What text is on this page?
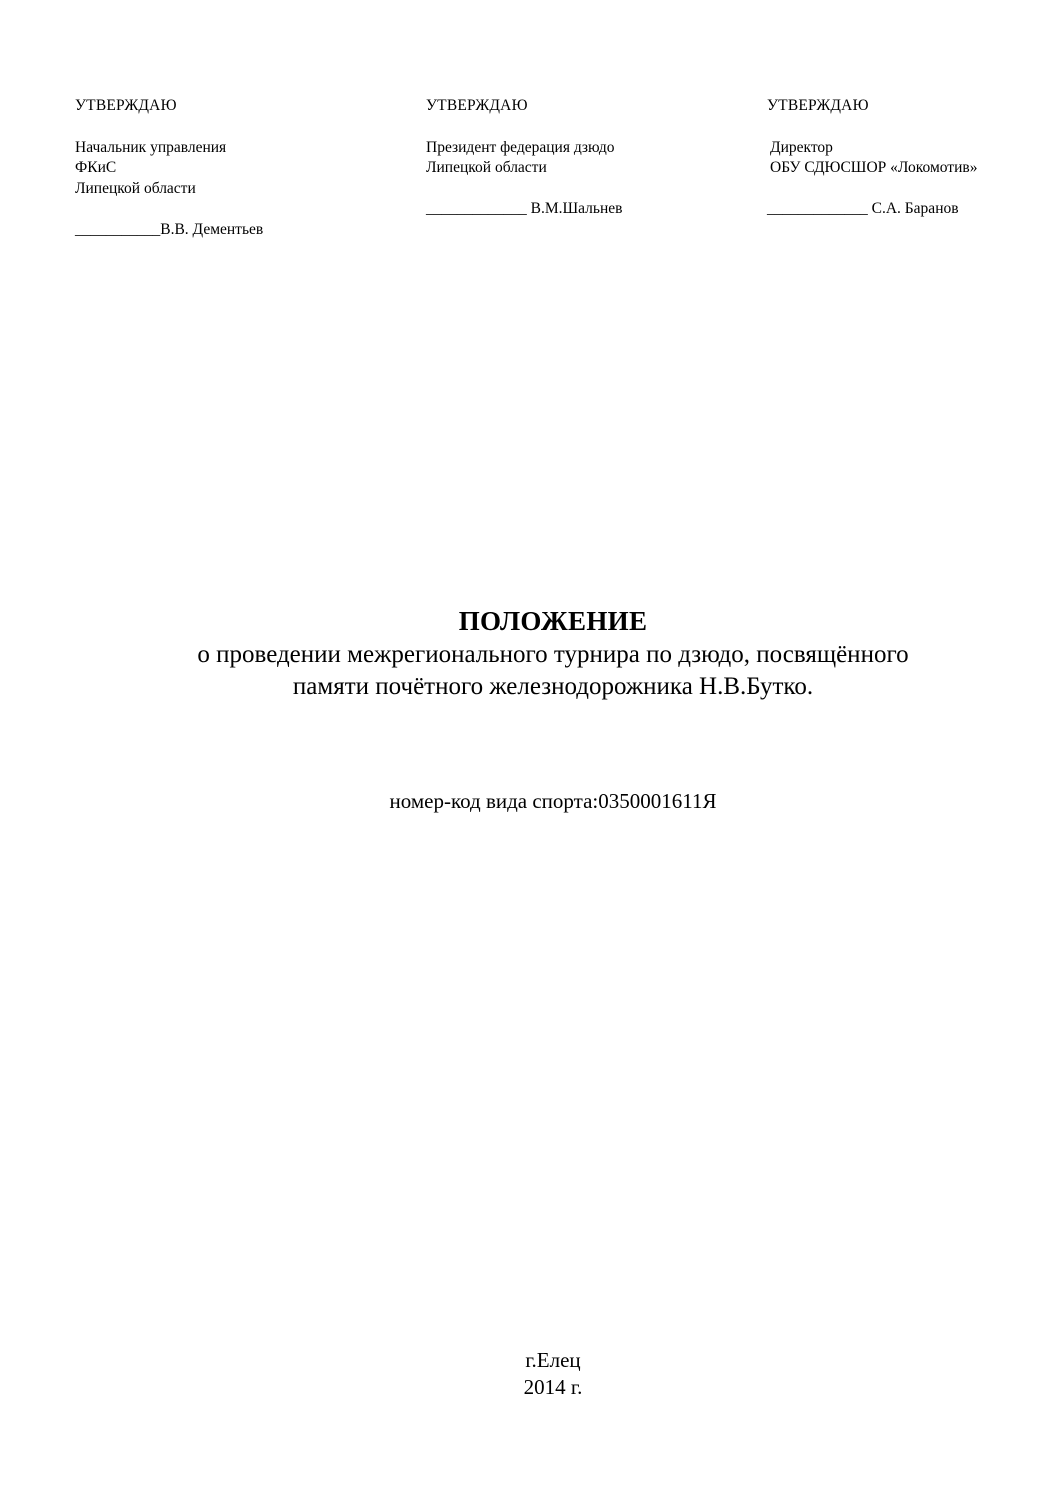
УТВЕРЖДАЮ
Начальник управления
ФКиС
Липецкой области
___________В.В. Дементьев
УТВЕРЖДАЮ
Президент федерация дзюдо
Липецкой области
_____________ В.М.Шальнев
УТВЕРЖДАЮ
Директор
ОБУ СДЮСШОР «Локомотив»
_____________ С.А. Баранов
ПОЛОЖЕНИЕ
о проведении межрегионального турнира по дзюдо, посвящённого
памяти почётного железнодорожника Н.В.Бутко.
номер-код вида спорта:0350001611Я
г.Елец
2014 г.
